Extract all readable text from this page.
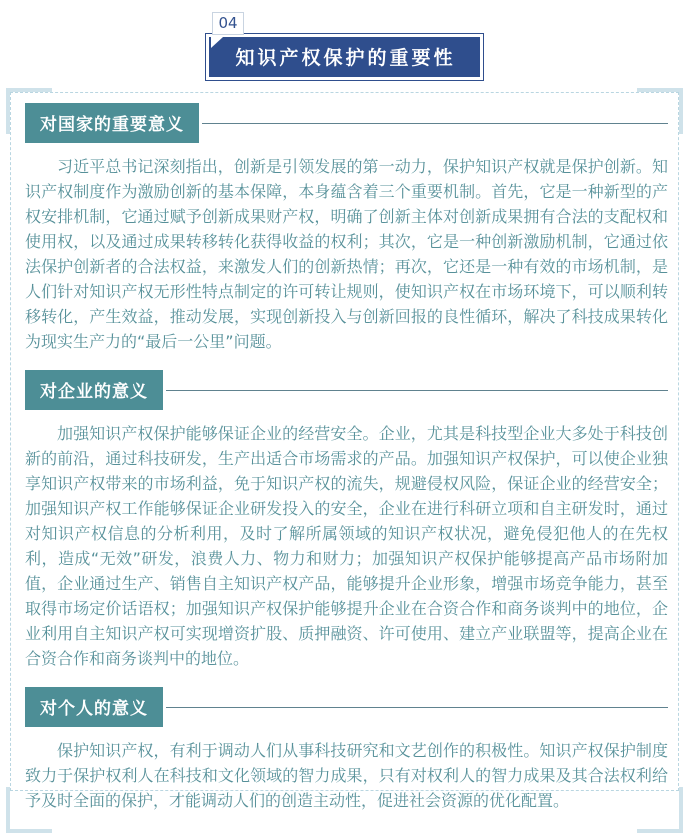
04
知识产权保护的重要性
对国家的重要意义

习近平总书记深刻指出，创新是引领发展的第一动力，保护知识产权就是保护创新。知识产权制度作为激励创新的基本保障，本身蕴含着三个重要机制。首先，它是一种新型的产权安排机制，它通过赋予创新成果财产权，明确了创新主体对创新成果拥有合法的支配权和使用权，以及通过成果转移转化获得收益的权利；其次，它是一种创新激励机制，它通过依法保护创新者的合法权益，来激发人们的创新热情；再次，它还是一种有效的市场机制，是人们针对知识产权无形性特点制定的许可转让规则，使知识产权在市场环境下，可以顺利转移转化，产生效益，推动发展，实现创新投入与创新回报的良性循环，解决了科技成果转化为现实生产力的“最后一公里”问题。

对企业的意义

加强知识产权保护能够保证企业的经营安全。企业，尤其是科技型企业大多处于科技创新的前沿，通过科技研发，生产出适合市场需求的产品。加强知识产权保护，可以使企业独享知识产权带来的市场利益，免于知识产权的流失，规避侵权风险，保证企业的经营安全；加强知识产权工作能够保证企业研发投入的安全，企业在进行科研立项和自主研发时，通过对知识产权信息的分析利用，及时了解所属领域的知识产权状况，避免侵犯他人的在先权利，造成“无效”研发，浪费人力、物力和财力；加强知识产权保护能够提高产品市场附加值，企业通过生产、销售自主知识产权产品，能够提升企业形象，增强市场竞争能力，甚至取得市场定价话语权；加强知识产权保护能够提升企业在合资合作和商务谈判中的地位，企业利用自主知识产权可实现增资扩股、质押融资、许可使用、建立产业联盟等，提高企业在合资合作和商务谈判中的地位。

对个人的意义

保护知识产权，有利于调动人们从事科技研究和文艺创作的积极性。知识产权保护制度致力于保护权利人在科技和文化领域的智力成果，只有对权利人的智力成果及其合法权利给予及时全面的保护，才能调动人们的创造主动性，促进社会资源的优化配置。
